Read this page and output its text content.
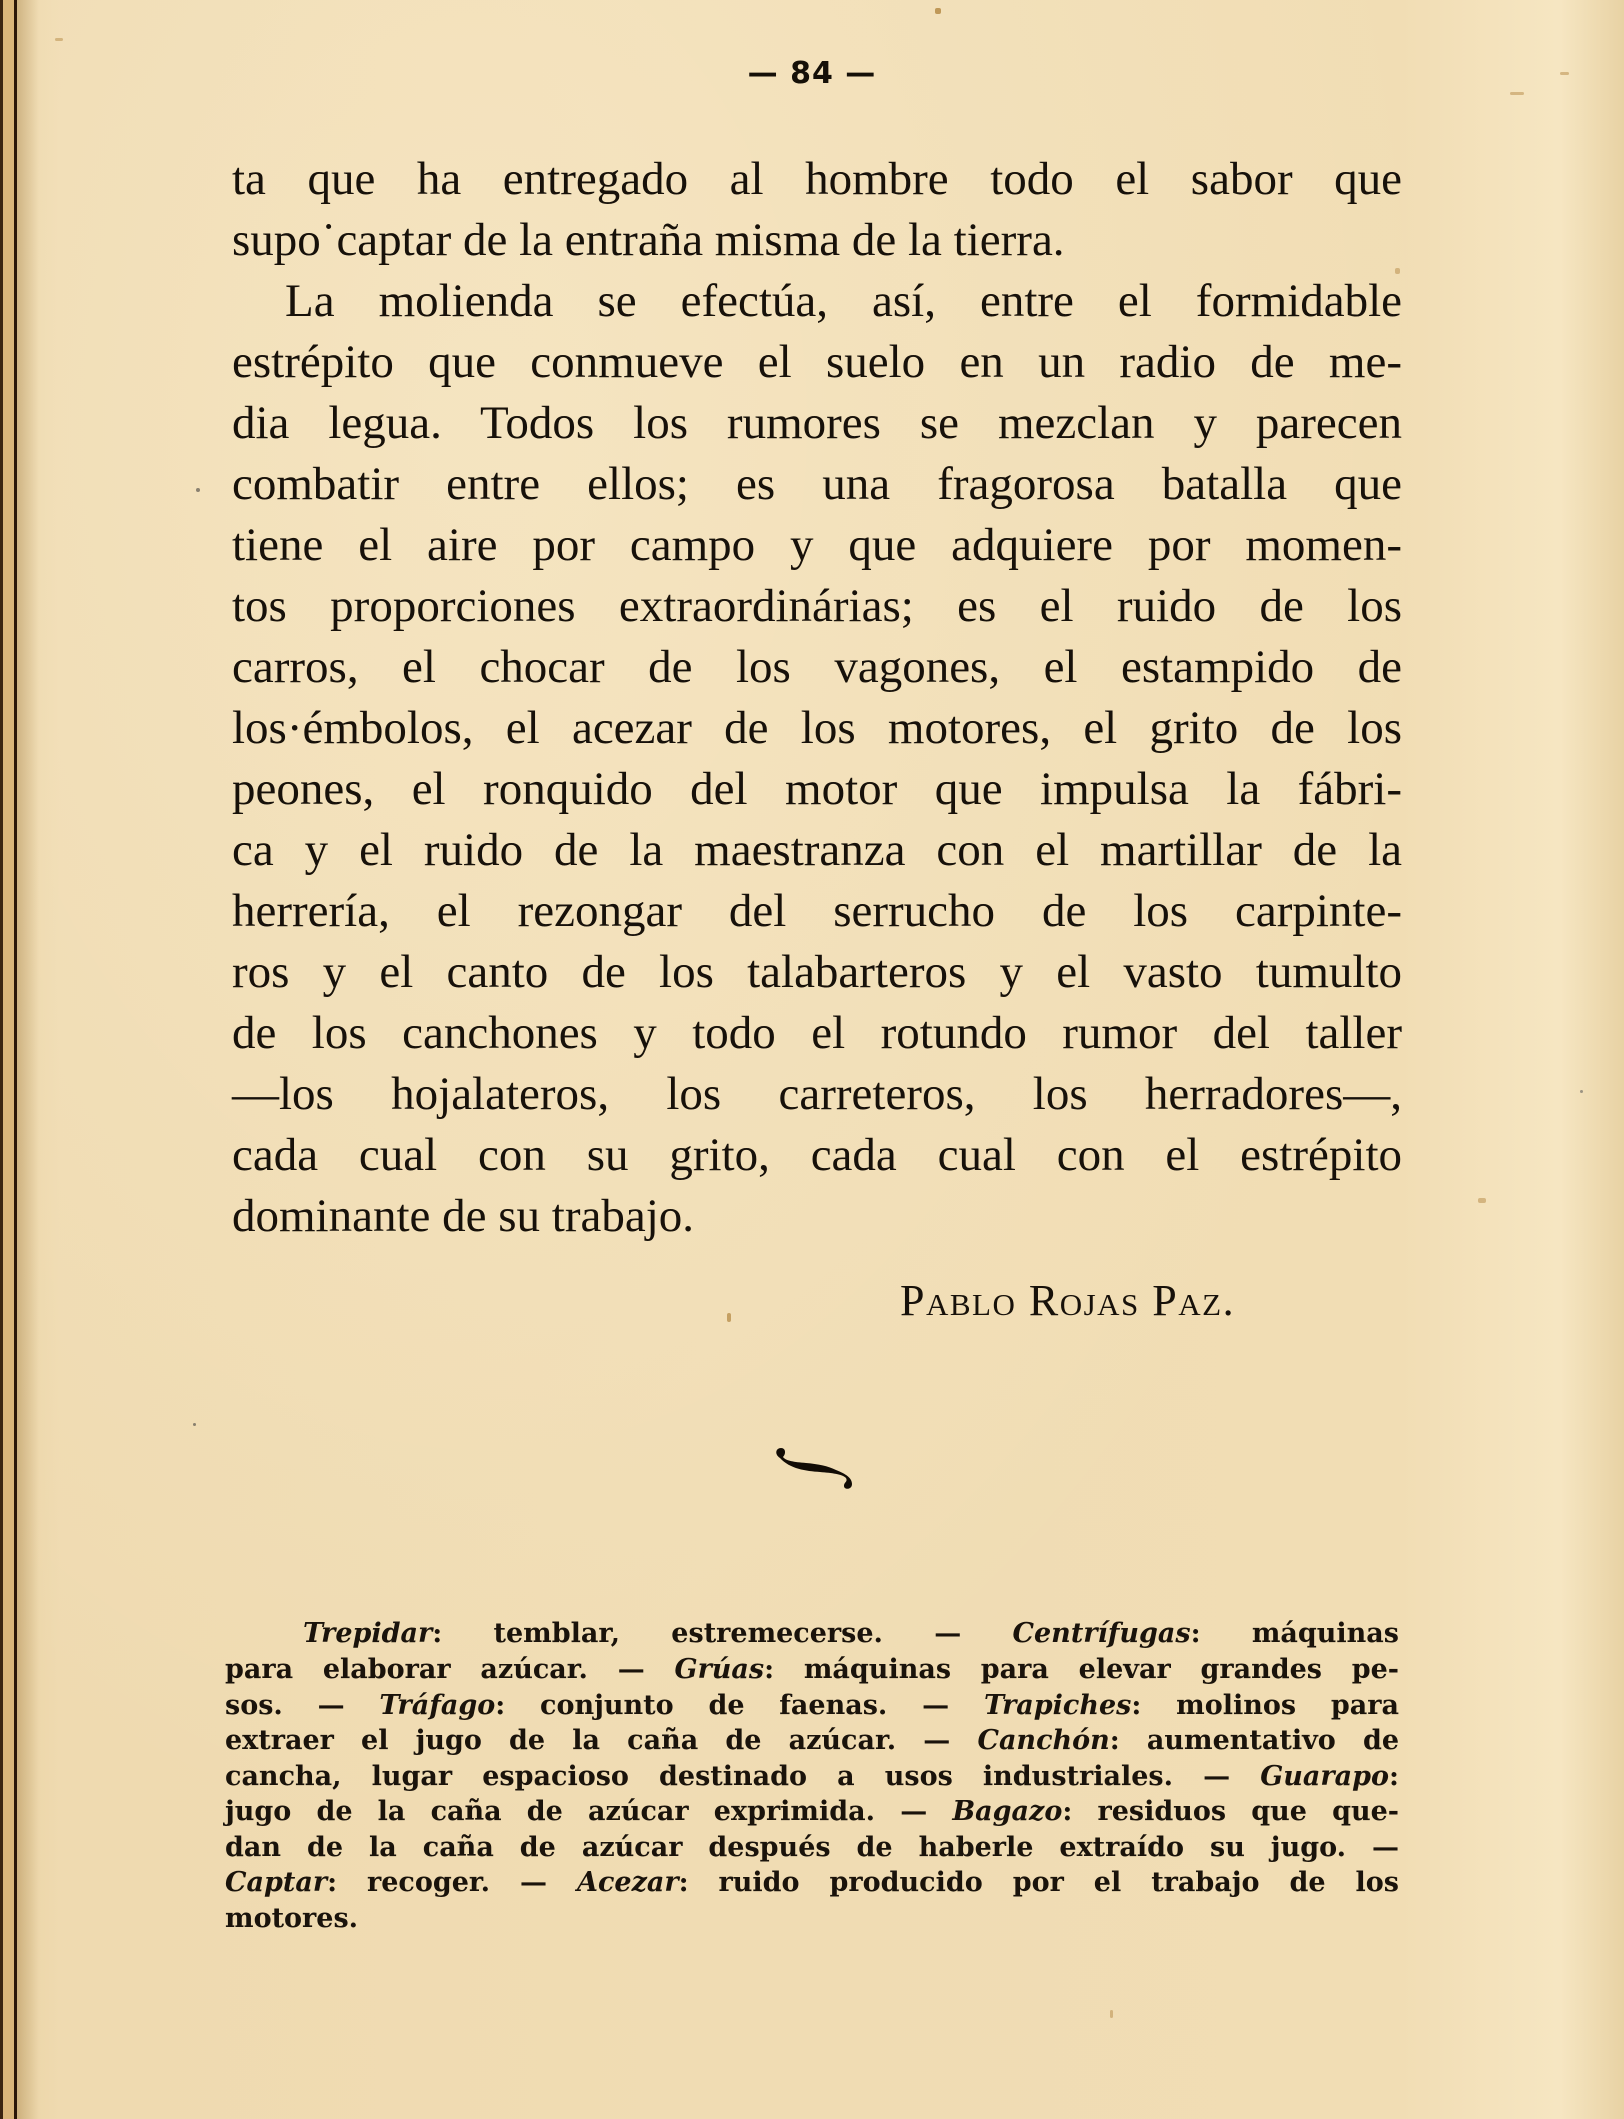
— 84 —
ta que ha entregado al hombre todo el sabor que
supo˙captar de la entraña misma de la tierra.
La molienda se efectúa, así, entre el formidable
estrépito que conmueve el suelo en un radio de me-
dia legua. Todos los rumores se mezclan y parecen
combatir entre ellos; es una fragorosa batalla que
tiene el aire por campo y que adquiere por momen-
tos proporciones extraordinárias; es el ruido de los
carros, el chocar de los vagones, el estampido de
los·émbolos, el acezar de los motores, el grito de los
peones, el ronquido del motor que impulsa la fábri-
ca y el ruido de la maestranza con el martillar de la
herrería, el rezongar del serrucho de los carpinte-
ros y el canto de los talabarteros y el vasto tumulto
de los canchones y todo el rotundo rumor del taller
—los hojalateros, los carreteros, los herradores—,
cada cual con su grito, cada cual con el estrépito
dominante de su trabajo.
Pablo Rojas Paz.
Trepidar: temblar, estremecerse. — Centrífugas: máquinas
para elaborar azúcar. — Grúas: máquinas para elevar grandes pe-
sos. — Tráfago: conjunto de faenas. — Trapiches: molinos para
extraer el jugo de la caña de azúcar. — Canchón: aumentativo de
cancha, lugar espacioso destinado a usos industriales. — Guarapo:
jugo de la caña de azúcar exprimida. — Bagazo: residuos que que-
dan de la caña de azúcar después de haberle extraído su jugo. —
Captar: recoger. — Acezar: ruido producido por el trabajo de los
motores.
